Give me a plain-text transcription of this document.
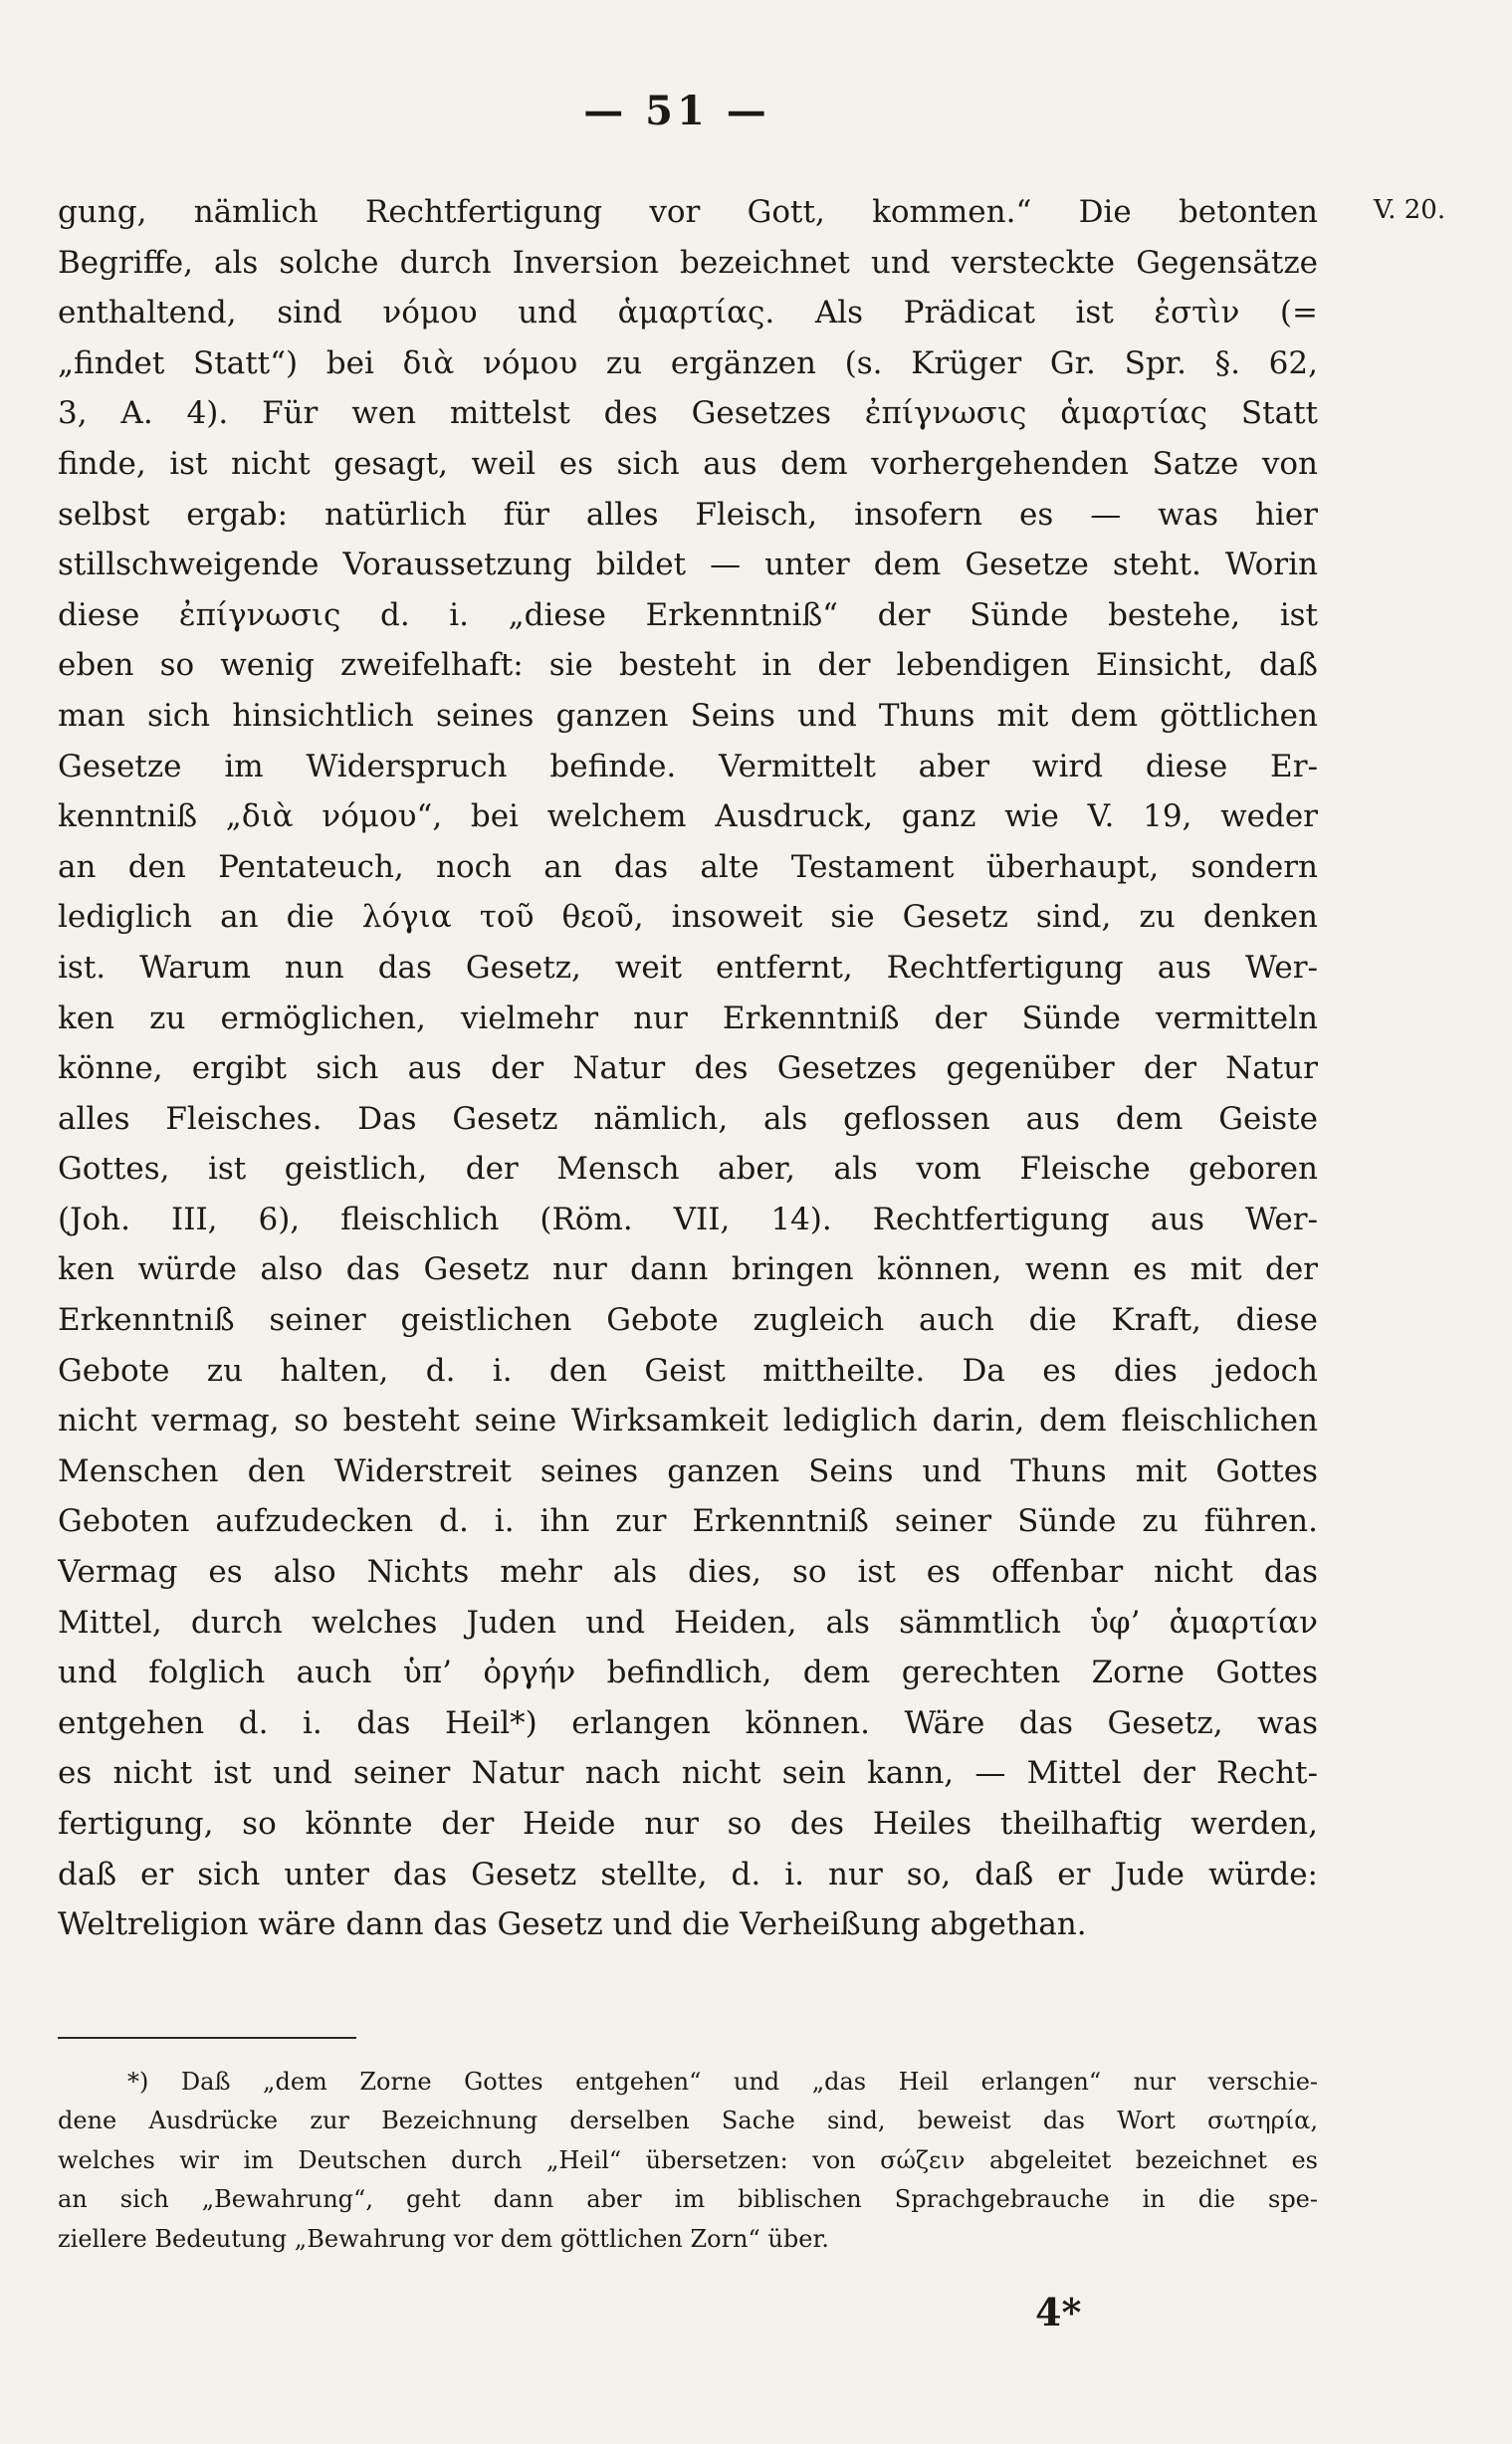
— 51 —
V. 20.
gung, nämlich Rechtfertigung vor Gott, kommen.“ Die betonten
Begriffe, als solche durch Inversion bezeichnet und versteckte Gegensätze
enthaltend, sind νόμου und ἁμαρτίας. Als Prädicat ist ἐστὶν (=
„findet Statt“) bei διὰ νόμου zu ergänzen (s. Krüger Gr. Spr. §. 62,
3, A. 4). Für wen mittelst des Gesetzes ἐπίγνωσις ἁμαρτίας Statt
finde, ist nicht gesagt, weil es sich aus dem vorhergehenden Satze von
selbst ergab: natürlich für alles Fleisch, insofern es — was hier
stillschweigende Voraussetzung bildet — unter dem Gesetze steht. Worin
diese ἐπίγνωσις d. i. „diese Erkenntniß“ der Sünde bestehe, ist
eben so wenig zweifelhaft: sie besteht in der lebendigen Einsicht, daß
man sich hinsichtlich seines ganzen Seins und Thuns mit dem göttlichen
Gesetze im Widerspruch befinde. Vermittelt aber wird diese Er-
kenntniß „διὰ νόμου“, bei welchem Ausdruck, ganz wie V. 19, weder
an den Pentateuch, noch an das alte Testament überhaupt, sondern
lediglich an die λόγια τοῦ θεοῦ, insoweit sie Gesetz sind, zu denken
ist. Warum nun das Gesetz, weit entfernt, Rechtfertigung aus Wer-
ken zu ermöglichen, vielmehr nur Erkenntniß der Sünde vermitteln
könne, ergibt sich aus der Natur des Gesetzes gegenüber der Natur
alles Fleisches. Das Gesetz nämlich, als geflossen aus dem Geiste
Gottes, ist geistlich, der Mensch aber, als vom Fleische geboren
(Joh. III, 6), fleischlich (Röm. VII, 14). Rechtfertigung aus Wer-
ken würde also das Gesetz nur dann bringen können, wenn es mit der
Erkenntniß seiner geistlichen Gebote zugleich auch die Kraft, diese
Gebote zu halten, d. i. den Geist mittheilte. Da es dies jedoch
nicht vermag, so besteht seine Wirksamkeit lediglich darin, dem fleischlichen
Menschen den Widerstreit seines ganzen Seins und Thuns mit Gottes
Geboten aufzudecken d. i. ihn zur Erkenntniß seiner Sünde zu führen.
Vermag es also Nichts mehr als dies, so ist es offenbar nicht das
Mittel, durch welches Juden und Heiden, als sämmtlich ὑφ’ ἁμαρτίαν
und folglich auch ὑπ’ ὀργήν befindlich, dem gerechten Zorne Gottes
entgehen d. i. das Heil*) erlangen können. Wäre das Gesetz, was
es nicht ist und seiner Natur nach nicht sein kann, — Mittel der Recht-
fertigung, so könnte der Heide nur so des Heiles theilhaftig werden,
daß er sich unter das Gesetz stellte, d. i. nur so, daß er Jude würde:
Weltreligion wäre dann das Gesetz und die Verheißung abgethan.
*) Daß „dem Zorne Gottes entgehen“ und „das Heil erlangen“ nur verschie-
dene Ausdrücke zur Bezeichnung derselben Sache sind, beweist das Wort σωτηρία,
welches wir im Deutschen durch „Heil“ übersetzen: von σώζειν abgeleitet bezeichnet es
an sich „Bewahrung“, geht dann aber im biblischen Sprachgebrauche in die spe-
ziellere Bedeutung „Bewahrung vor dem göttlichen Zorn“ über.
4*
